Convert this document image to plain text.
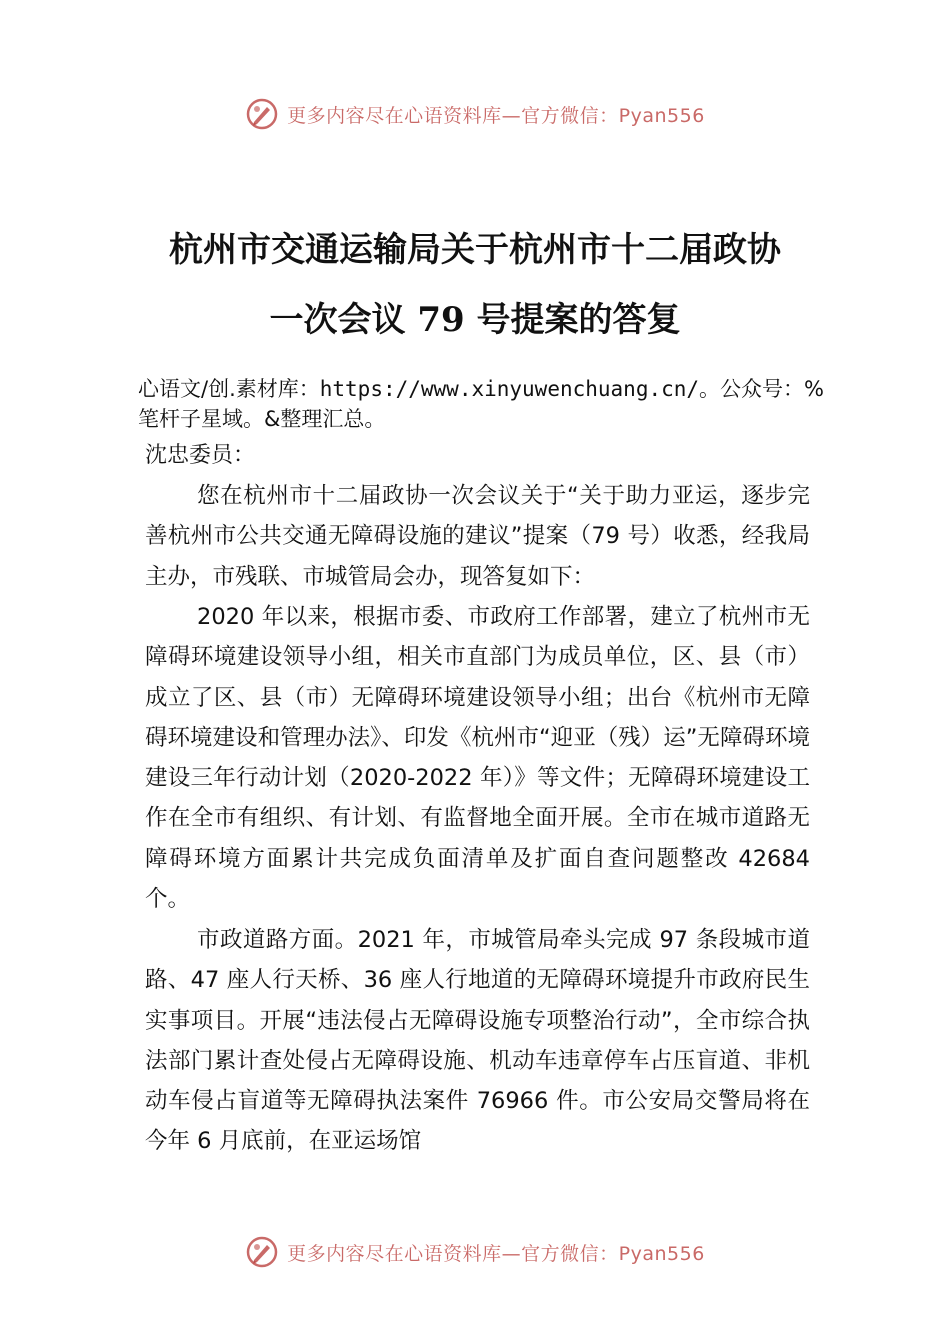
更多内容尽在心语资料库—官方微信：Pyan556
杭州市交通运输局关于杭州市十二届政协
一次会议 79 号提案的答复

心语文/创.素材库：https://www.xinyuwenchuang.cn/。公众号：%笔杆子星域。&整理汇总。

沈忠委员：

您在杭州市十二届政协一次会议关于“关于助力亚运，逐步完善杭州市公共交通无障碍设施的建议”提案（79 号）收悉，经我局主办，市残联、市城管局会办，现答复如下：

2020 年以来，根据市委、市政府工作部署，建立了杭州市无障碍环境建设领导小组，相关市直部门为成员单位，区、县（市）成立了区、县（市）无障碍环境建设领导小组；出台《杭州市无障碍环境建设和管理办法》、印发《杭州市“迎亚（残）运”无障碍环境建设三年行动计划（2020-2022 年）》等文件；无障碍环境建设工作在全市有组织、有计划、有监督地全面开展。全市在城市道路无障碍环境方面累计共完成负面清单及扩面自查问题整改 42684 个。

市政道路方面。2021 年，市城管局牵头完成 97 条段城市道路、47 座人行天桥、36 座人行地道的无障碍环境提升市政府民生实事项目。开展“违法侵占无障碍设施专项整治行动”，全市综合执法部门累计查处侵占无障碍设施、机动车违章停车占压盲道、非机动车侵占盲道等无障碍执法案件 76966 件。市公安局交警局将在今年 6 月底前，在亚运场馆

更多内容尽在心语资料库—官方微信：Pyan556
